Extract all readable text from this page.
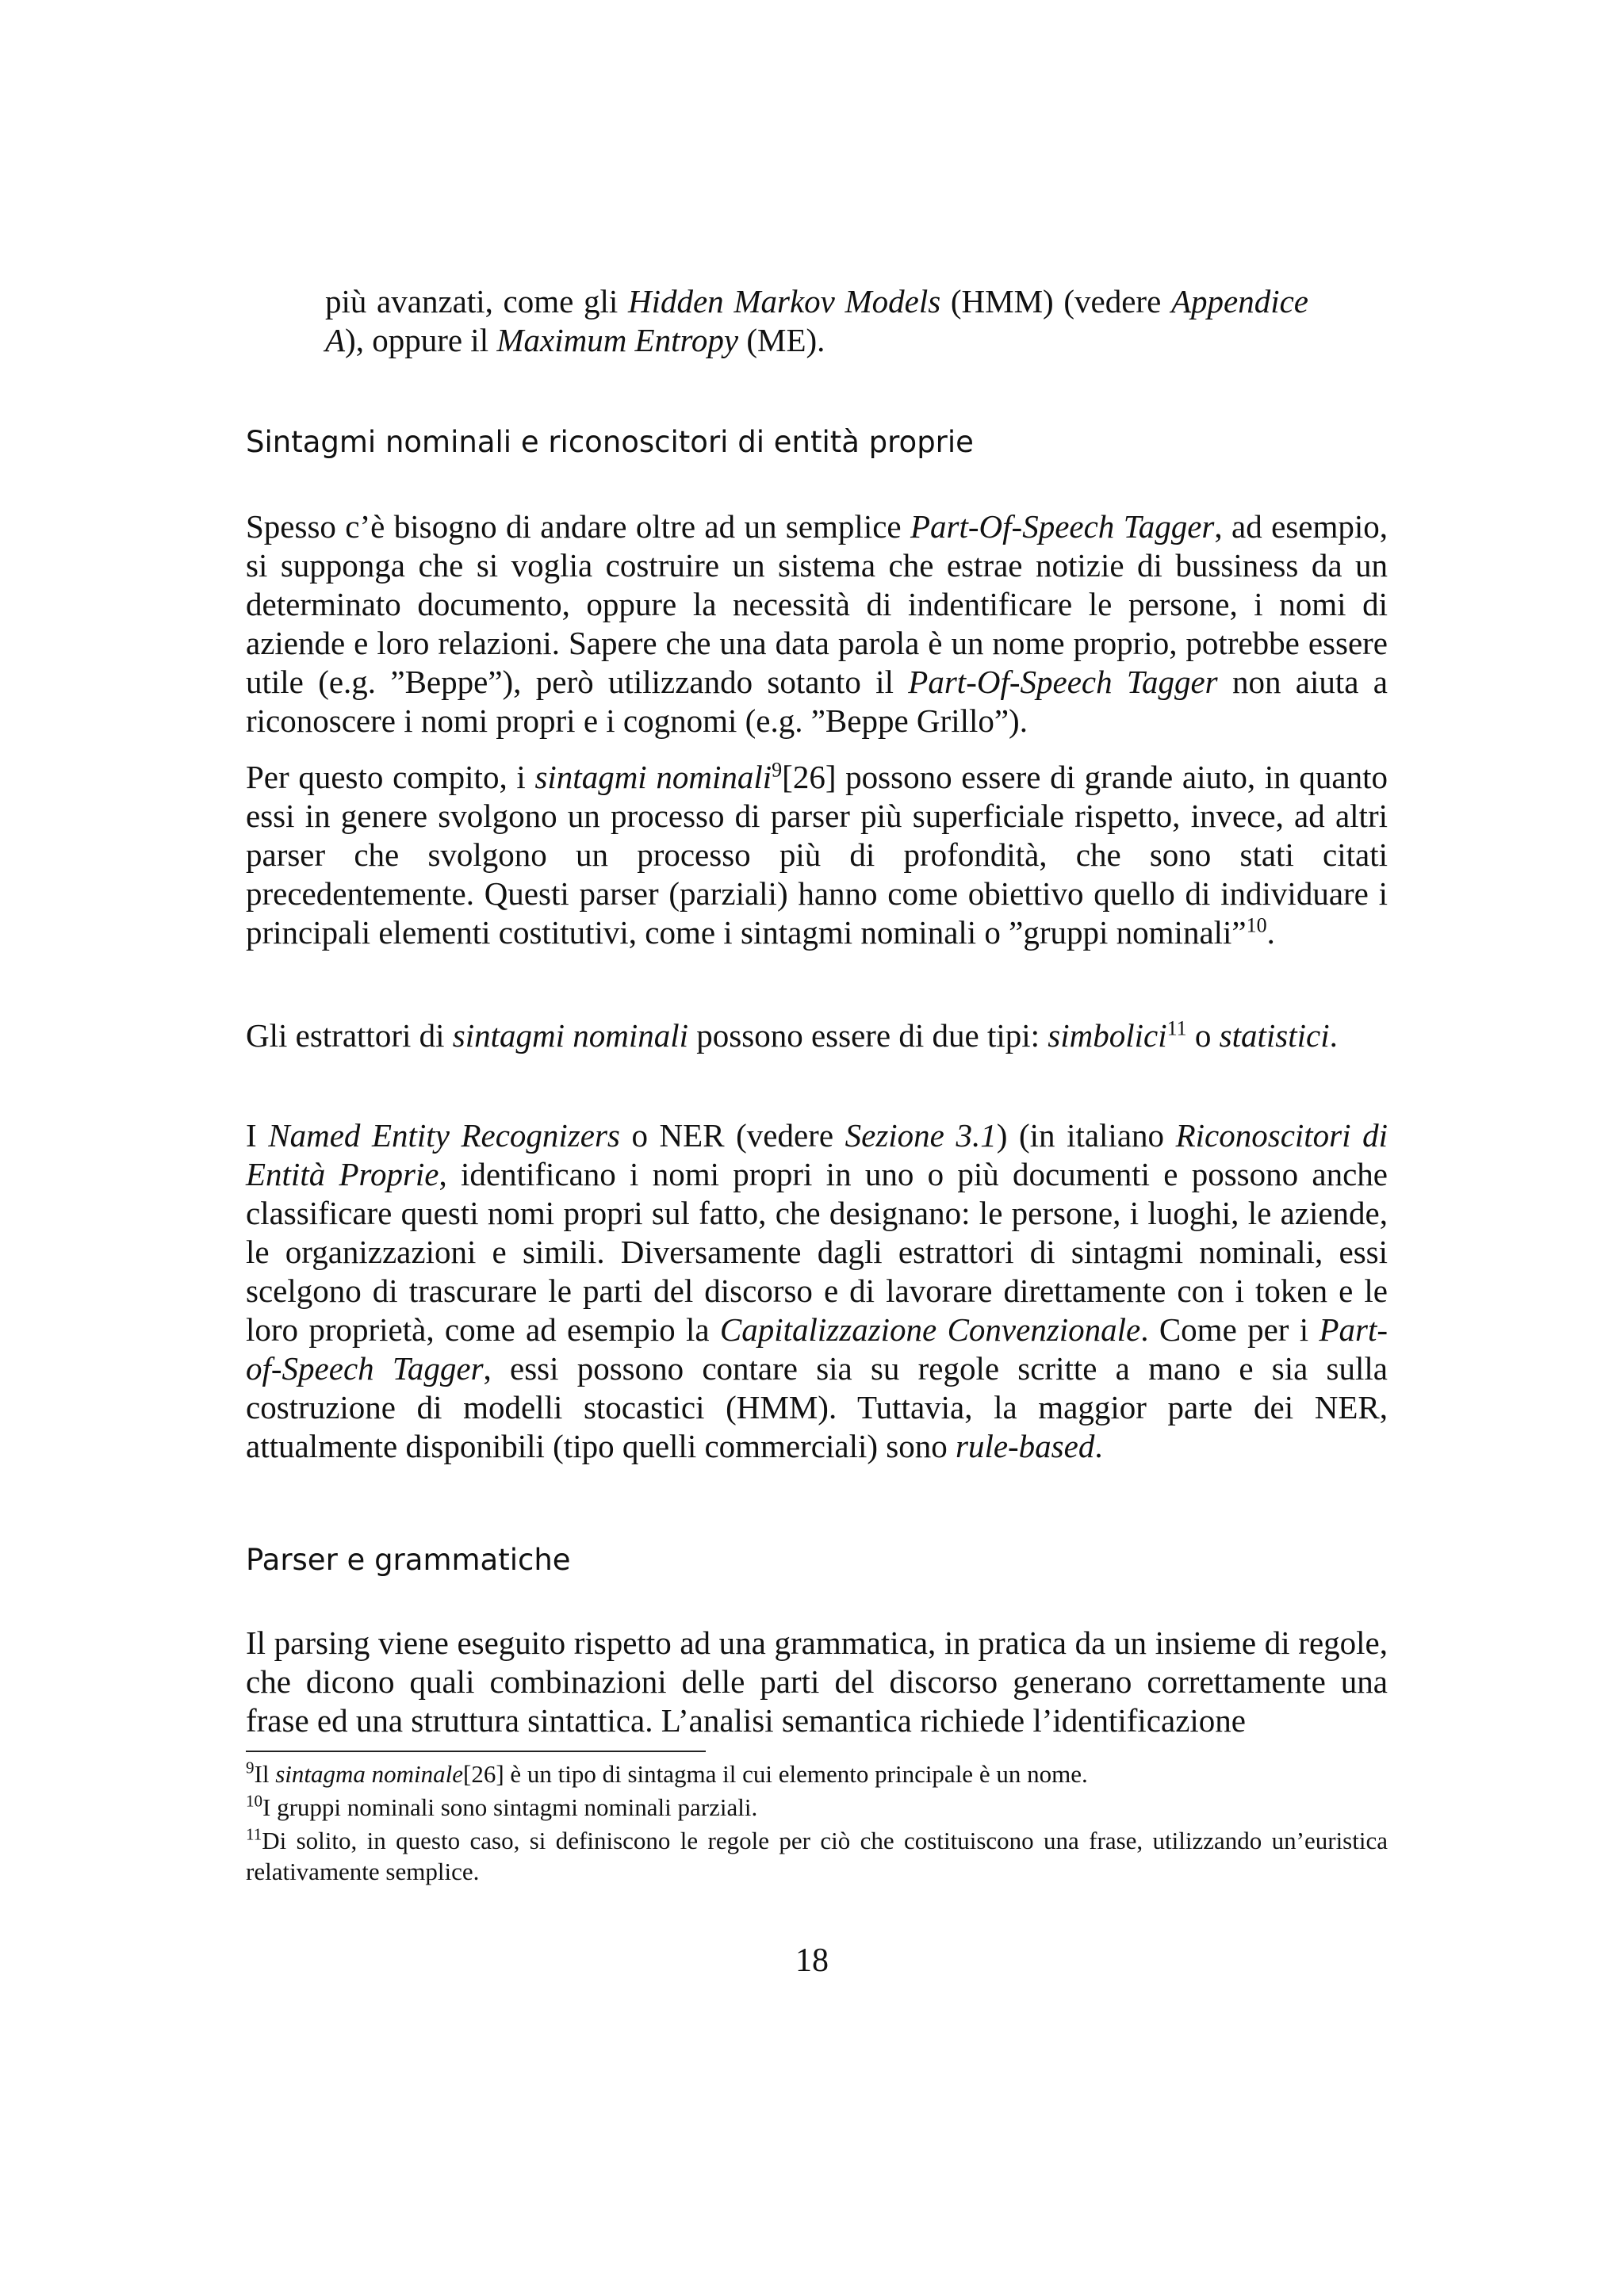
più avanzati, come gli Hidden Markov Models (HMM) (vedere Appendice A), oppure il Maximum Entropy (ME).

Sintagmi nominali e riconoscitori di entità proprie

Spesso c’è bisogno di andare oltre ad un semplice Part-Of-Speech Tagger, ad esempio, si supponga che si voglia costruire un sistema che estrae notizie di bussiness da un determinato documento, oppure la necessità di indentificare le persone, i nomi di aziende e loro relazioni. Sapere che una data parola è un nome proprio, potrebbe essere utile (e.g. ”Beppe”), però utilizzando sotanto il Part-Of-Speech Tagger non aiuta a riconoscere i nomi propri e i cognomi (e.g. ”Beppe Grillo”).

Per questo compito, i sintagmi nominali$^9$[26] possono essere di grande aiuto, in quanto essi in genere svolgono un processo di parser più superficiale rispetto, invece, ad altri parser che svolgono un processo più di profondità, che sono stati citati precedentemente. Questi parser (parziali) hanno come obiettivo quello di individuare i principali elementi costitutivi, come i sintagmi nominali o ”gruppi nominali”$^{10}$.

Gli estrattori di sintagmi nominali possono essere di due tipi: simbolici$^{11}$ o statistici.

I Named Entity Recognizers o NER (vedere Sezione 3.1) (in italiano Riconoscitori di Entità Proprie, identificano i nomi propri in uno o più documenti e possono anche classificare questi nomi propri sul fatto, che designano: le persone, i luoghi, le aziende, le organizzazioni e simili. Diversamente dagli estrattori di sintagmi nominali, essi scelgono di trascurare le parti del discorso e di lavorare direttamente con i token e le loro proprietà, come ad esempio la Capitalizzazione Convenzionale. Come per i Part-of-Speech Tagger, essi possono contare sia su regole scritte a mano e sia sulla costruzione di modelli stocastici (HMM). Tuttavia, la maggior parte dei NER, attualmente disponibili (tipo quelli commerciali) sono rule-based.

Parser e grammatiche

Il parsing viene eseguito rispetto ad una grammatica, in pratica da un insieme di regole, che dicono quali combinazioni delle parti del discorso generano correttamente una frase ed una struttura sintattica. L’analisi semantica richiede l’identificazione

$^9$Il sintagma nominale[26] è un tipo di sintagma il cui elemento principale è un nome.

$^{10}$I gruppi nominali sono sintagmi nominali parziali.

$^{11}$Di solito, in questo caso, si definiscono le regole per ciò che costituiscono una frase, utilizzando un’euristica relativamente semplice.

18
